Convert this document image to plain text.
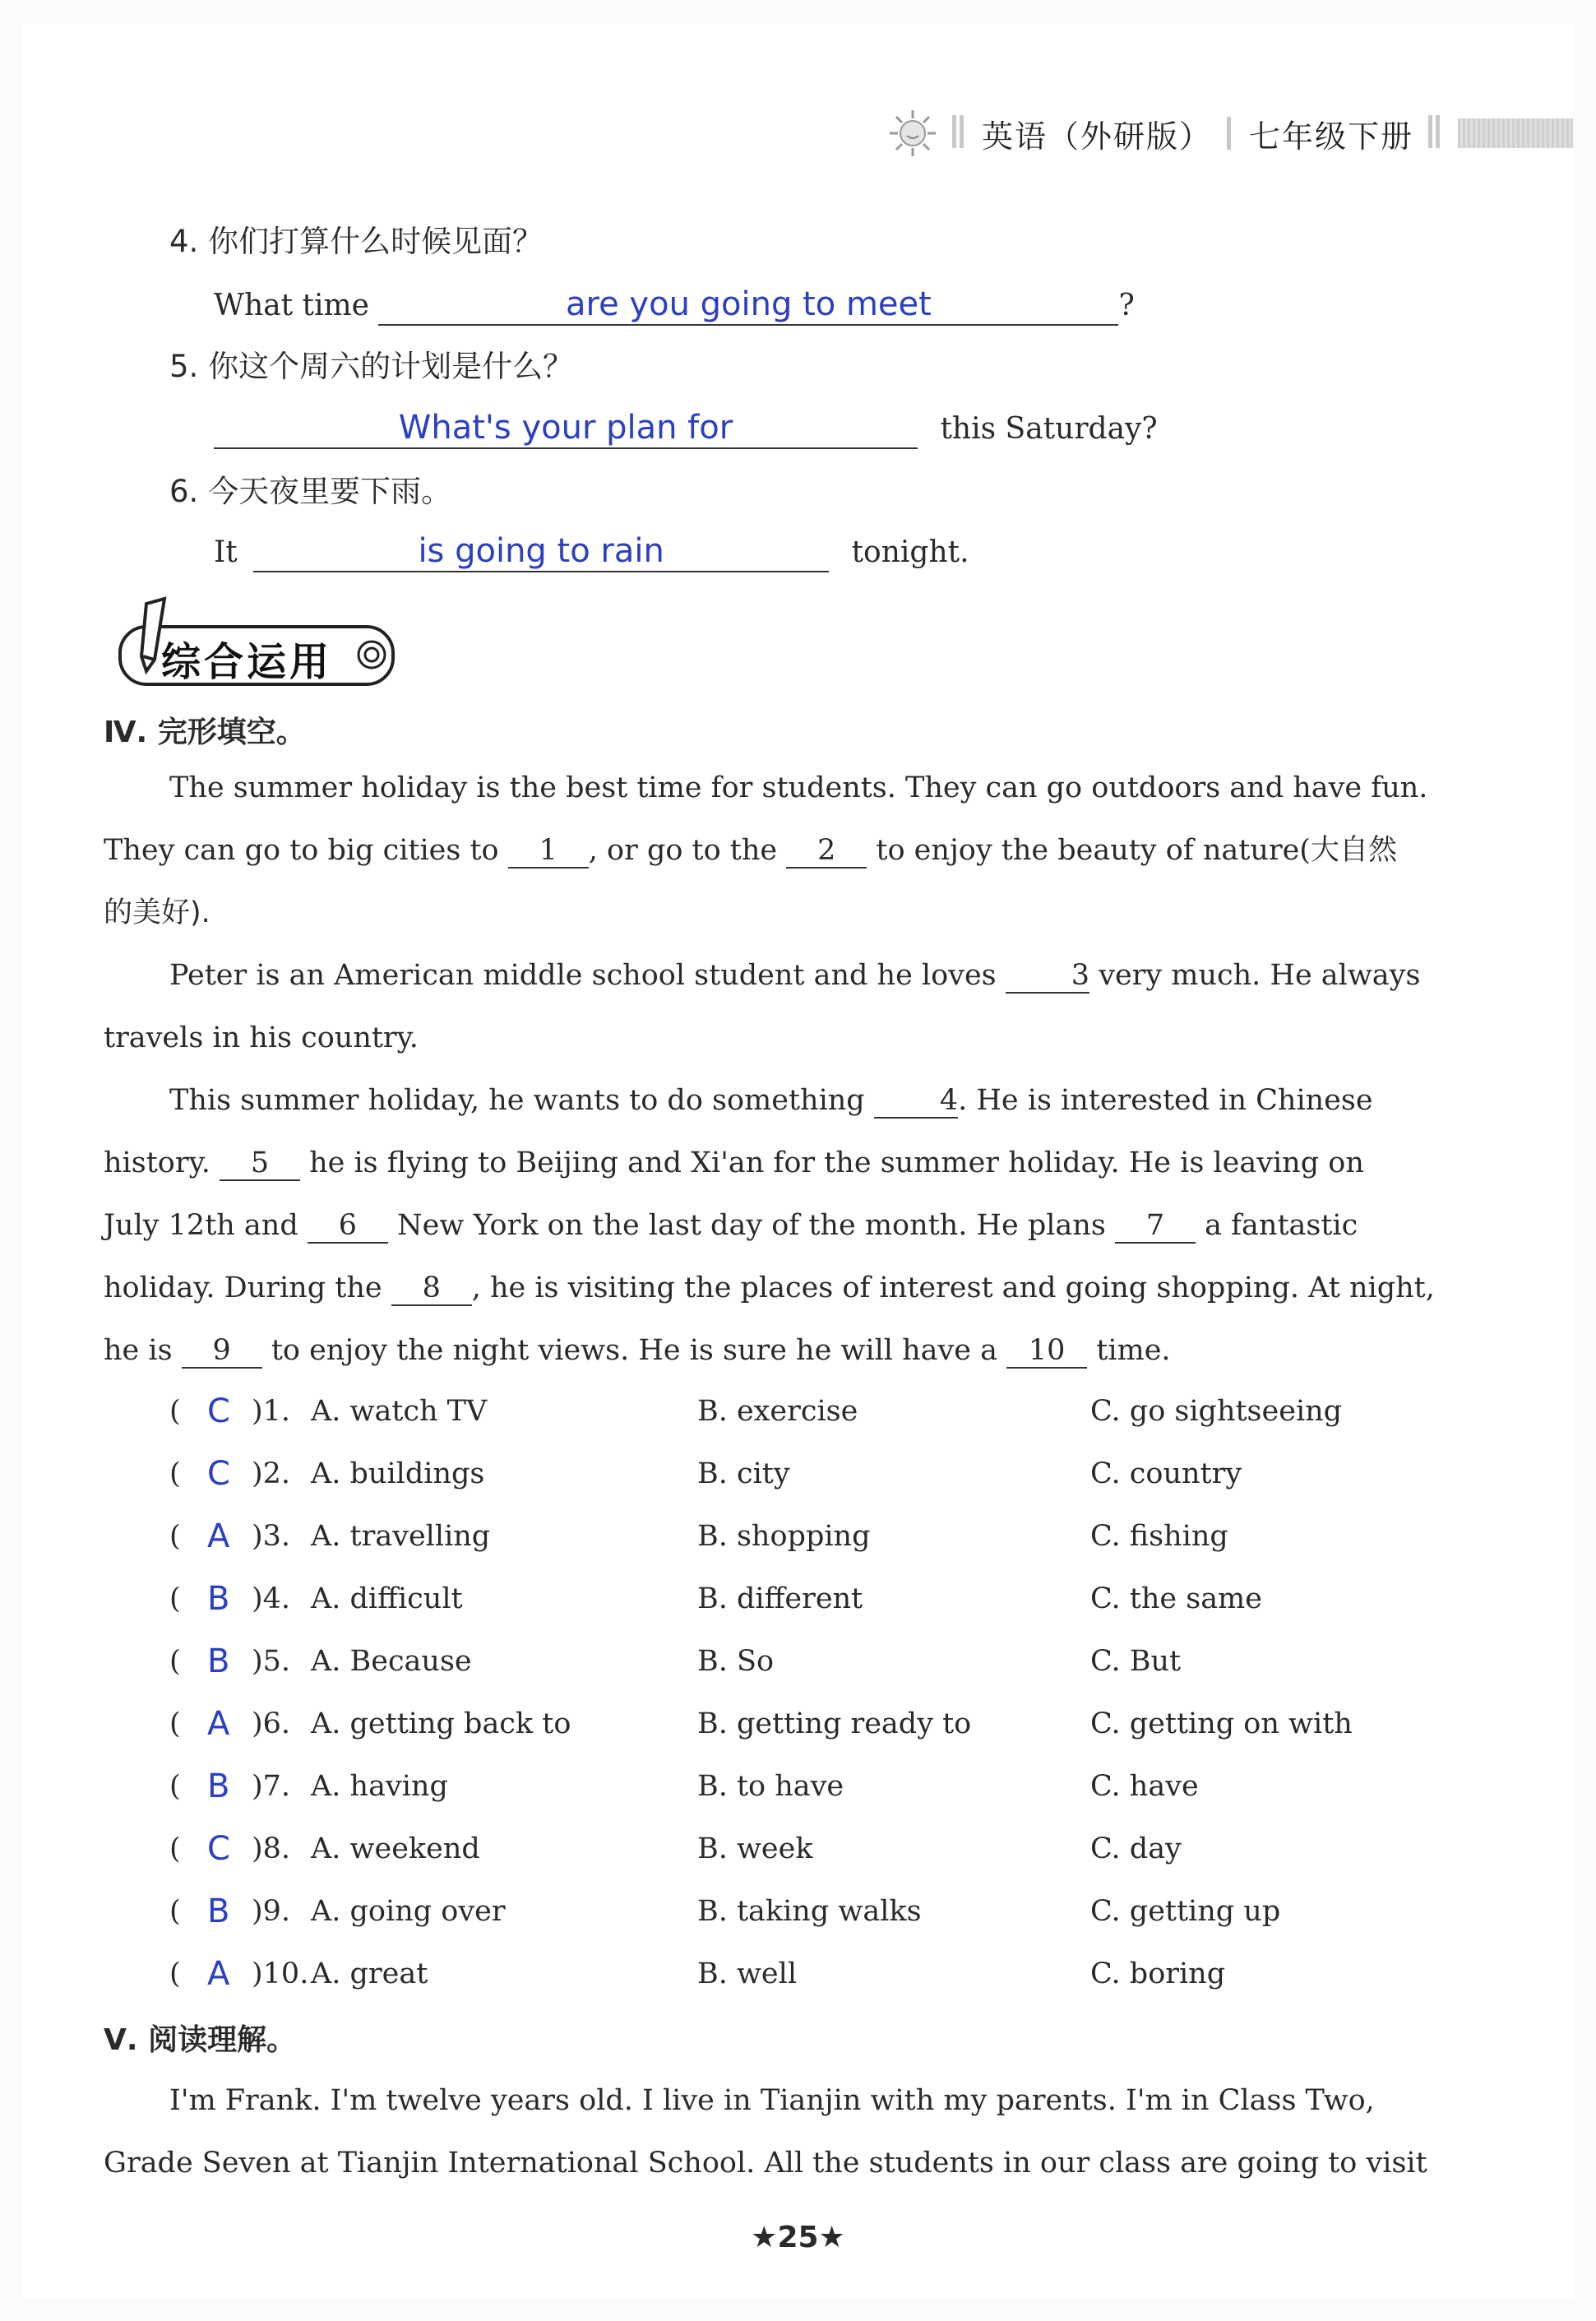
英语（外研版） 七年级下册
4. 你们打算什么时候见面？
What time	are you going to meet	?
5. 你这个周六的计划是什么？
What's your plan for	this Saturday?
6. 今天夜里要下雨。
It	is going to rain	tonight.
综合运用
Ⅳ. 完形填空。
The summer holiday is the best time for students. They can go outdoors and have fun.
They can go to big cities to 1 , or go to the 2 to enjoy the beauty of nature(大自然
的美好).
Peter is an American middle school student and he loves	3 very much. He always
travels in his country.
This summer holiday, he wants to do something	4. He is interested in Chinese
history. 5 he is flying to Beijing and Xi'an for the summer holiday. He is leaving on
July 12th and 6 New York on the last day of the month. He plans 7 a fantastic
holiday. During the 8 , he is visiting the places of interest and going shopping. At night,
he is 9 to enjoy the night views. He is sure he will have a 10 time.
( C )1. A. watch TV	B. exercise	C. go sightseeing
( C )2. A. buildings	B. city	C. country
( A )3. A. travelling	B. shopping	C. fishing
( B )4. A. difficult	B. different	C. the same
( B )5. A. Because	B. So	C. But
( A )6. A. getting back to	B. getting ready to	C. getting on with
( B )7. A. having	B. to have	C. have
( C )8. A. weekend	B. week	C. day
( B )9. A. going over	B. taking walks	C. getting up
( A )10. A. great	B. well	C. boring
Ⅴ. 阅读理解。
I'm Frank. I'm twelve years old. I live in Tianjin with my parents. I'm in Class Two,
Grade Seven at Tianjin International School. All the students in our class are going to visit
★25★
